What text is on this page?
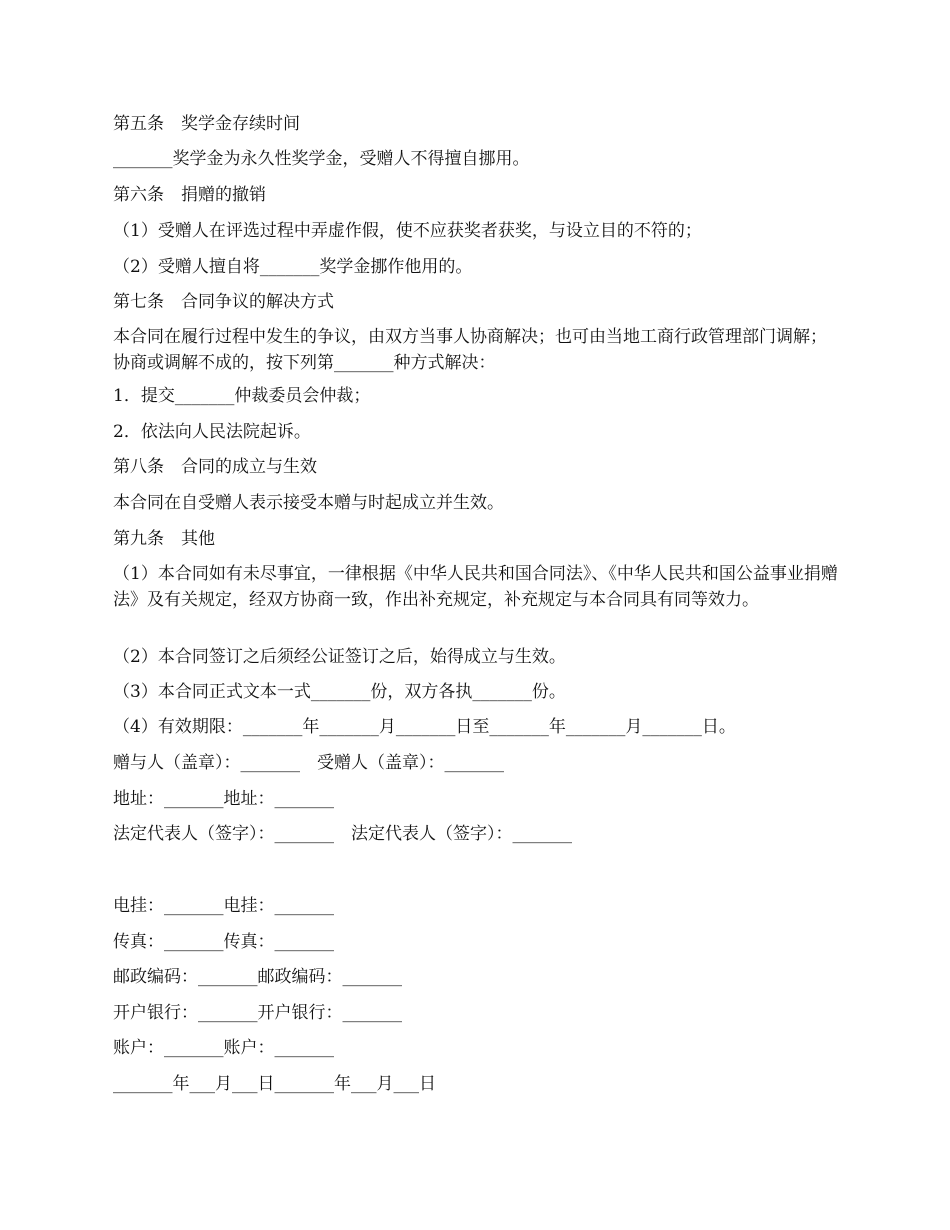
第五条　奖学金存续时间
_______奖学金为永久性奖学金，受赠人不得擅自挪用。
第六条　捐赠的撤销
（1）受赠人在评选过程中弄虚作假，使不应获奖者获奖，与设立目的不符的；
（2）受赠人擅自将_______奖学金挪作他用的。
第七条　合同争议的解决方式
本合同在履行过程中发生的争议，由双方当事人协商解决；也可由当地工商行政管理部门调解；协商或调解不成的，按下列第_______种方式解决：
1．提交_______仲裁委员会仲裁；
2．依法向人民法院起诉。
第八条　合同的成立与生效
本合同在自受赠人表示接受本赠与时起成立并生效。
第九条　其他
（1）本合同如有未尽事宜，一律根据《中华人民共和国合同法》、《中华人民共和国公益事业捐赠法》及有关规定，经双方协商一致，作出补充规定，补充规定与本合同具有同等效力。
（2）本合同签订之后须经公证签订之后，始得成立与生效。
（3）本合同正式文本一式_______份，双方各执_______份。
（4）有效期限：_______年_______月_______日至_______年_______月_______日。
赠与人（盖章）：_______　受赠人（盖章）：_______
地址：_______地址：_______
法定代表人（签字）：_______　法定代表人（签字）：_______
电挂：_______电挂：_______
传真：_______传真：_______
邮政编码：_______邮政编码：_______
开户银行：_______开户银行：_______
账户：_______账户：_______
_______年___月___日_______年___月___日
